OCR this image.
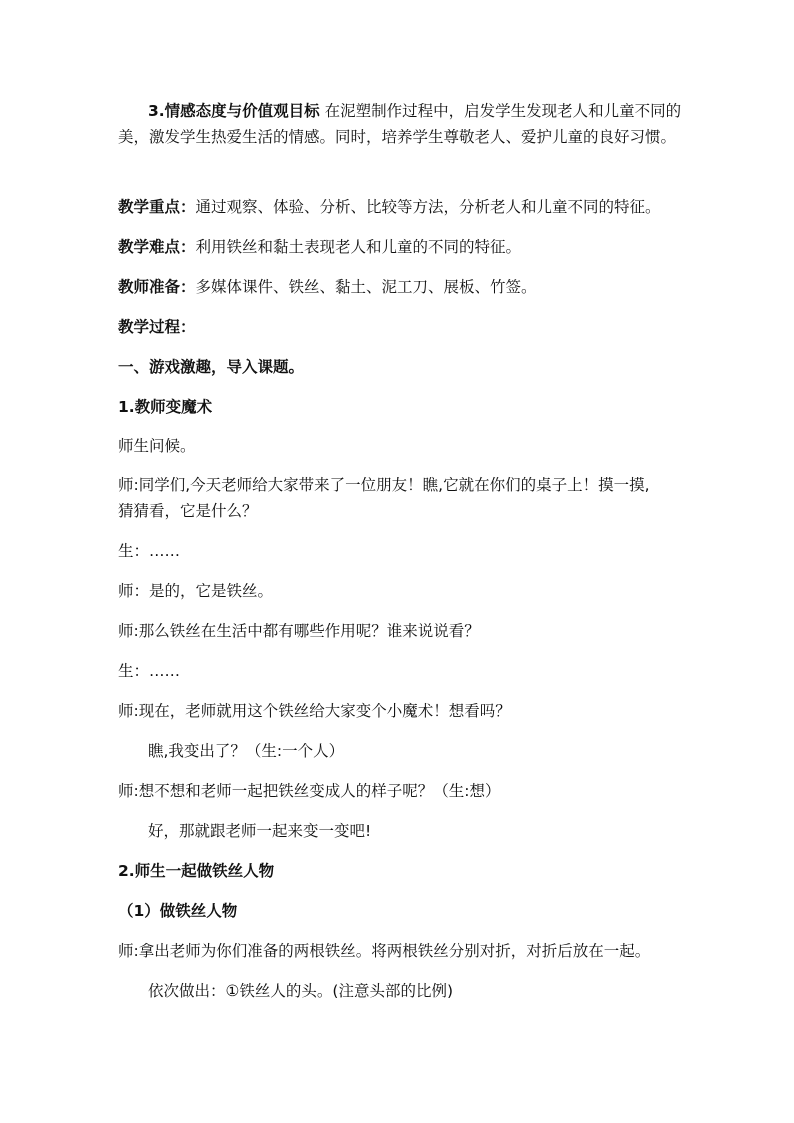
3.情感态度与价值观目标 在泥塑制作过程中，启发学生发现老人和儿童不同的美，激发学生热爱生活的情感。同时，培养学生尊敬老人、爱护儿童的良好习惯。
教学重点：通过观察、体验、分析、比较等方法，分析老人和儿童不同的特征。
教学难点：利用铁丝和黏土表现老人和儿童的不同的特征。
教师准备：多媒体课件、铁丝、黏土、泥工刀、展板、竹签。
教学过程：
一、游戏激趣，导入课题。
1.教师变魔术
师生问候。
师:同学们,今天老师给大家带来了一位朋友！瞧,它就在你们的桌子上！摸一摸,
猜猜看，它是什么？
生：……
师：是的，它是铁丝。
师:那么铁丝在生活中都有哪些作用呢？谁来说说看？
生：……
师:现在，老师就用这个铁丝给大家变个小魔术！想看吗？
瞧,我变出了？（生:一个人）
师:想不想和老师一起把铁丝变成人的样子呢？（生:想）
好，那就跟老师一起来变一变吧!
2.师生一起做铁丝人物
（1）做铁丝人物
师:拿出老师为你们准备的两根铁丝。将两根铁丝分别对折，对折后放在一起。
依次做出：①铁丝人的头。(注意头部的比例)
